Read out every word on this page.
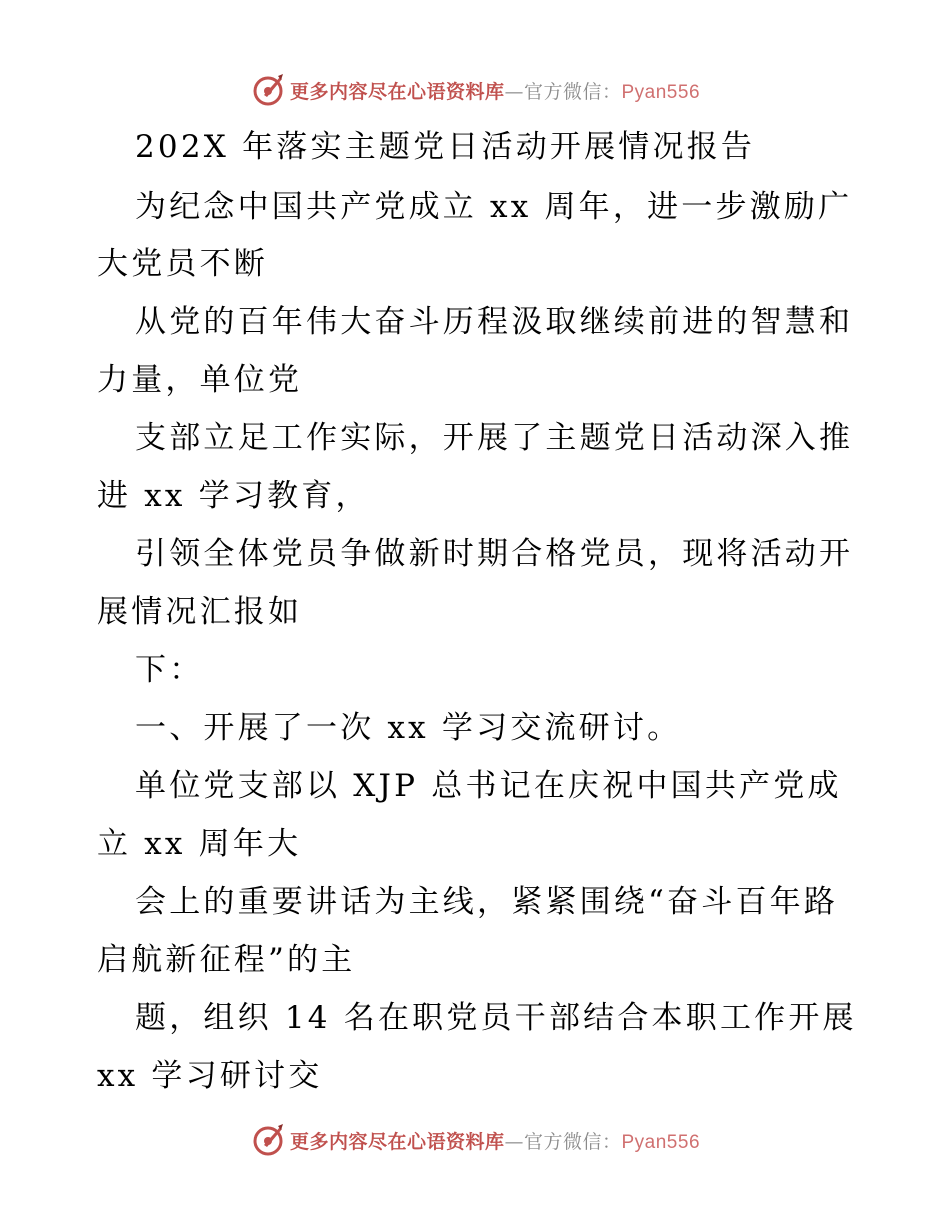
更多内容尽在心语资料库—官方微信：Pyan556
202X 年落实主题党日活动开展情况报告
为纪念中国共产党成立 xx 周年，进一步激励广
大党员不断
从党的百年伟大奋斗历程汲取继续前进的智慧和
力量，单位党
支部立足工作实际，开展了主题党日活动深入推
进 xx 学习教育，
引领全体党员争做新时期合格党员，现将活动开
展情况汇报如
下：
一、开展了一次 xx 学习交流研讨。
单位党支部以 XJP 总书记在庆祝中国共产党成
立 xx 周年大
会上的重要讲话为主线，紧紧围绕“奋斗百年路
启航新征程”的主
题，组织 14 名在职党员干部结合本职工作开展
xx 学习研讨交
更多内容尽在心语资料库—官方微信：Pyan556
